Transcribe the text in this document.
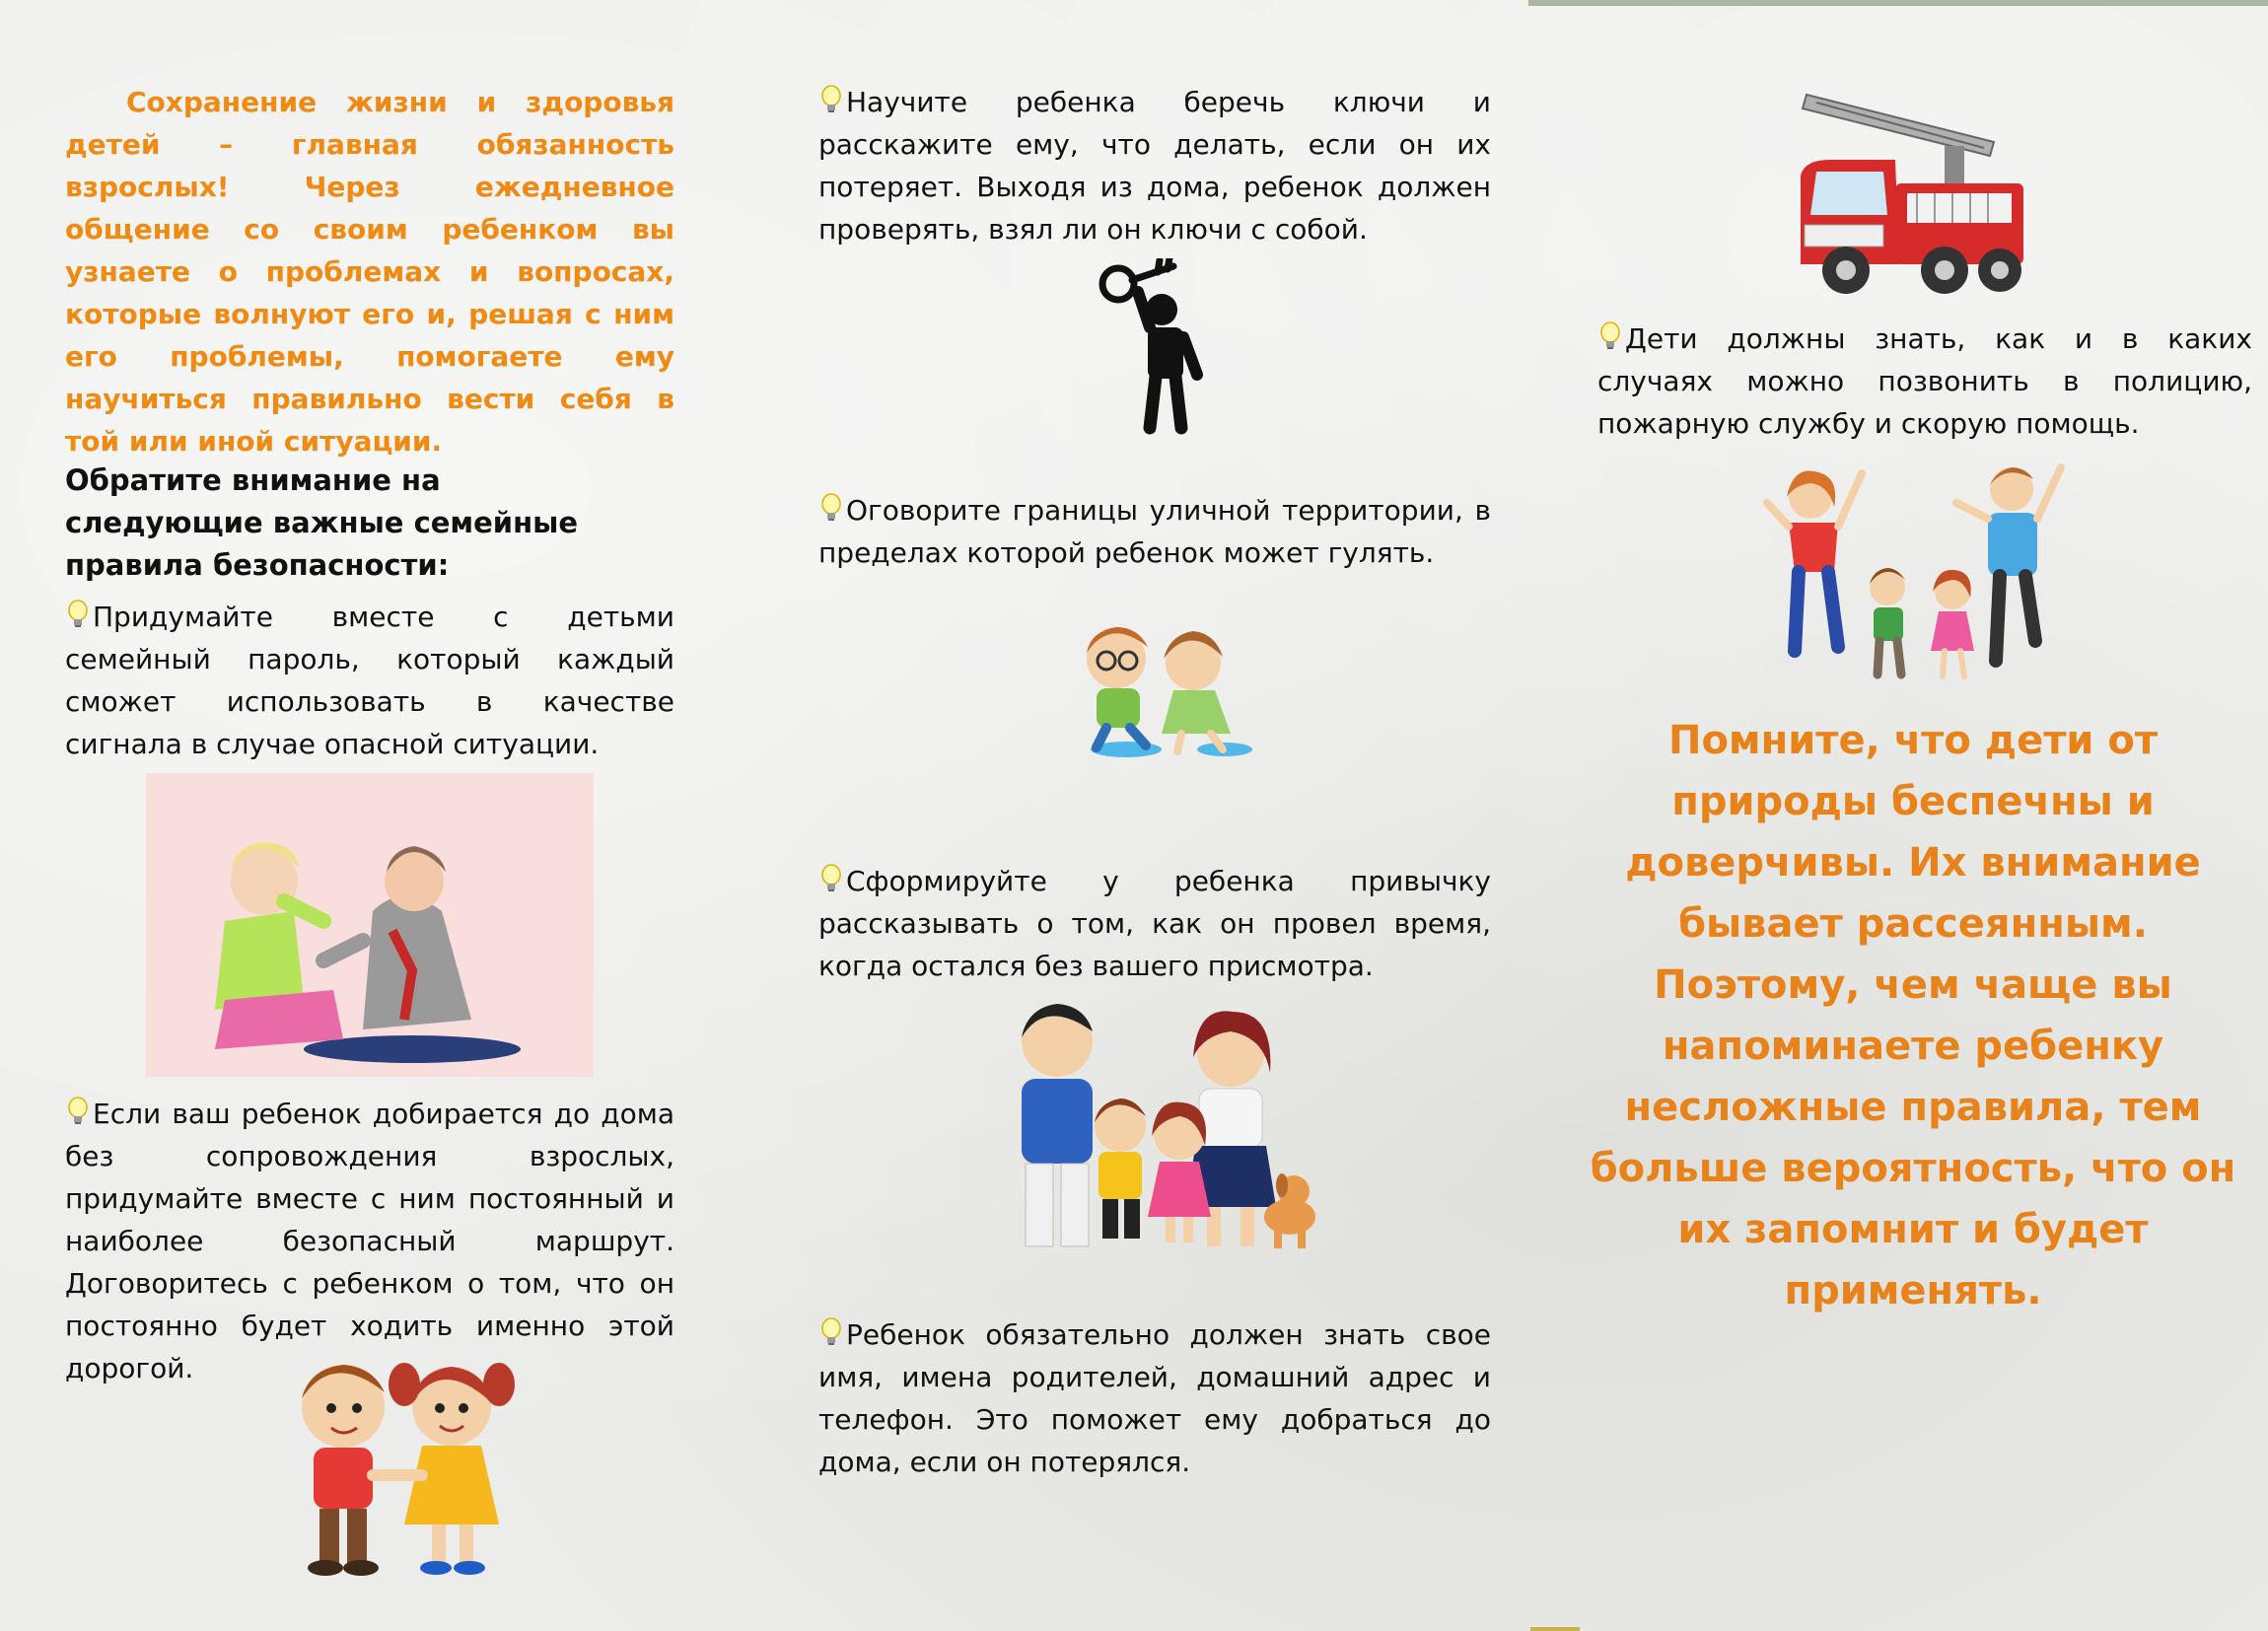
Сохранение жизни и здоровья детей – главная обязанность взрослых! Через ежедневное общение со своим ребенком вы узнаете о проблемах и вопросах, которые волнуют его и, решая с ним его проблемы, помогаете ему научиться правильно вести себя в той или иной ситуации.

Обратите внимание на следующие важные семейные правила безопасности:

Придумайте вместе с детьми семейный пароль, который каждый сможет использовать в качестве сигнала в случае опасной ситуации.

Если ваш ребенок добирается до дома без сопровождения взрослых, придумайте вместе с ним постоянный и наиболее безопасный маршрут. Договоритесь с ребенком о том, что он постоянно будет ходить именно этой дорогой.

Научите ребенка беречь ключи и расскажите ему, что делать, если он их потеряет. Выходя из дома, ребенок должен проверять, взял ли он ключи с собой.

Оговорите границы уличной территории, в пределах которой ребенок может гулять.

Сформируйте у ребенка привычку рассказывать о том, как он провел время, когда остался без вашего присмотра.

Ребенок обязательно должен знать свое имя, имена родителей, домашний адрес и телефон. Это поможет ему добраться до дома, если он потерялся.

Дети должны знать, как и в каких случаях можно позвонить в полицию, пожарную службу и скорую помощь.

Помните, что дети от природы беспечны и доверчивы. Их внимание бывает рассеянным. Поэтому, чем чаще вы напоминаете ребенку несложные правила, тем больше вероятность, что он их запомнит и будет применять.
